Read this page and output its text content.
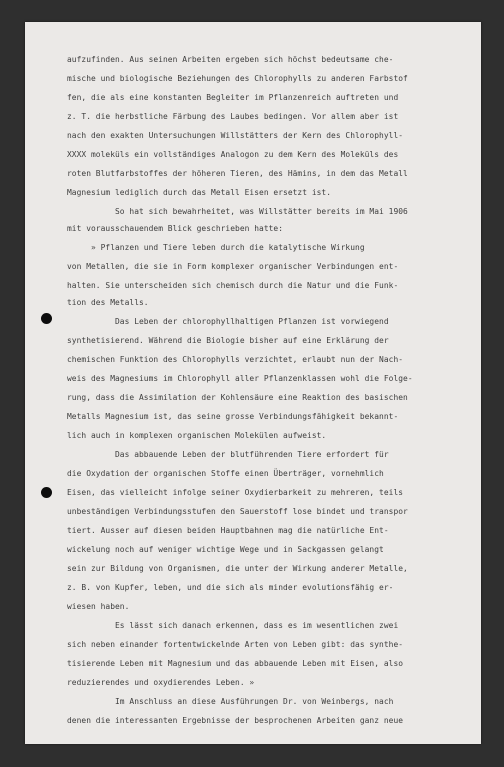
aufzufinden. Aus seinen Arbeiten ergeben sich höchst bedeutsame che-
mische und biologische Beziehungen des Chlorophylls zu anderen Farbstof
fen, die als eine konstanten Begleiter im Pflanzenreich auftreten und
z. T. die herbstliche Färbung des Laubes bedingen. Vor allem aber ist
nach den exakten Untersuchungen Willstätters der Kern des Chlorophyll-
XXXX moleküls ein vollständiges Analogon zu dem Kern des Moleküls des
roten Blutfarbstoffes der höheren Tieren, des Hämins, in dem das Metall
Magnesium lediglich durch das Metall Eisen ersetzt ist.
So hat sich bewahrheitet, was Willstätter bereits im Mai 1906
mit vorausschauendem Blick geschrieben hatte:
» Pflanzen und Tiere leben durch die katalytische Wirkung
von Metallen, die sie in Form komplexer organischer Verbindungen ent-
halten. Sie unterscheiden sich chemisch durch die Natur und die Funk-
tion des Metalls.
Das Leben der chlorophyllhaltigen Pflanzen ist vorwiegend
synthetisierend. Während die Biologie bisher auf eine Erklärung der
chemischen Funktion des Chlorophylls verzichtet, erlaubt nun der Nach-
weis des Magnesiums im Chlorophyll aller Pflanzenklassen wohl die Folge-
rung, dass die Assimilation der Kohlensäure eine Reaktion des basischen
Metalls Magnesium ist, das seine grosse Verbindungsfähigkeit bekannt-
lich auch in komplexen organischen Molekülen aufweist.
Das abbauende Leben der blutführenden Tiere erfordert für
die Oxydation der organischen Stoffe einen Überträger, vornehmlich
Eisen, das vielleicht infolge seiner Oxydierbarkeit zu mehreren, teils
unbeständigen Verbindungsstufen den Sauerstoff lose bindet und transpor
tiert. Ausser auf diesen beiden Hauptbahnen mag die natürliche Ent-
wickelung noch auf weniger wichtige Wege und in Sackgassen gelangt
sein zur Bildung von Organismen, die unter der Wirkung anderer Metalle,
z. B. von Kupfer, leben, und die sich als minder evolutionsfähig er-
wiesen haben.
Es lässt sich danach erkennen, dass es im wesentlichen zwei
sich neben einander fortentwickelnde Arten von Leben gibt: das synthe-
tisierende Leben mit Magnesium und das abbauende Leben mit Eisen, also
reduzierendes und oxydierendes Leben. »
Im Anschluss an diese Ausführungen Dr. von Weinbergs, nach
denen die interessanten Ergebnisse der besprochenen Arbeiten ganz neue
